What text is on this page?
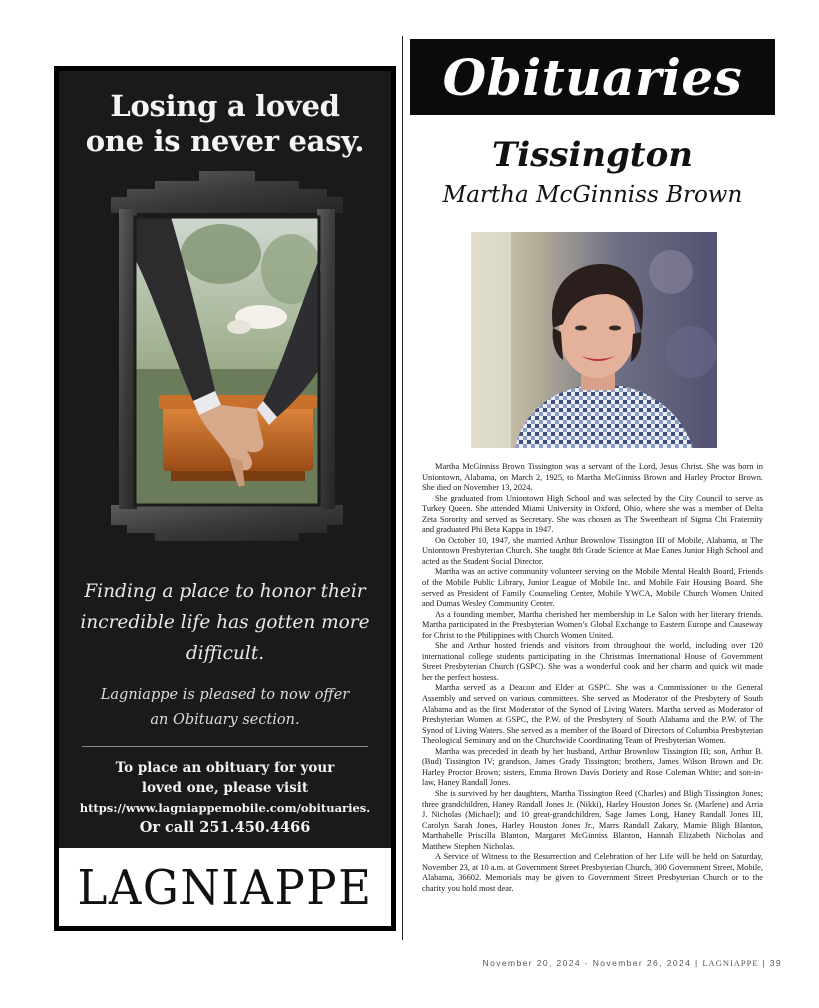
Losing a loved
one is never easy.
Finding a place to honor their
incredible life has gotten more
difficult.
Lagniappe is pleased to now offer
an Obituary section.
To place an obituary for your
loved one, please visit
https://www.lagniappemobile.com/obituaries.
Or call 251.450.4466
LAGNIAPPE
Obituaries
Tissington
Martha McGinniss Brown

Martha McGinniss Brown Tissington was a servant of the Lord, Jesus Christ. She was born in Uniontown, Alabama, on March 2, 1925, to Martha McGinniss Brown and Harley Proctor Brown. She died on November 13, 2024.

She graduated from Uniontown High School and was selected by the City Council to serve as Turkey Queen. She attended Miami University in Oxford, Ohio, where she was a member of Delta Zeta Sorority and served as Secretary. She was chosen as The Sweetheart of Sigma Chi Fraternity and graduated Phi Beta Kappa in 1947.

On October 10, 1947, she married Arthur Brownlow Tissington III of Mobile, Alabama, at The Uniontown Presbyterian Church. She taught 8th Grade Science at Mae Eanes Junior High School and acted as the Student Social Director.

Martha was an active community volunteer serving on the Mobile Mental Health Board, Friends of the Mobile Public Library, Junior League of Mobile Inc. and Mobile Fair Housing Board. She served as President of Family Counseling Center, Mobile YWCA, Mobile Church Women United and Dumas Wesley Community Center.

As a founding member, Martha cherished her membership in Le Salon with her literary friends. Martha participated in the Presbyterian Women’s Global Exchange to Eastern Europe and Causeway for Christ to the Philippines with Church Women United.

She and Arthur hosted friends and visitors from throughout the world, including over 120 international college students participating in the Christmas International House of Government Street Presbyterian Church (GSPC). She was a wonderful cook and her charm and quick wit made her the perfect hostess.

Martha served as a Deacon and Elder at GSPC. She was a Commissioner to the General Assembly and served on various committees. She served as Moderator of the Presbytery of South Alabama and as the first Moderator of the Synod of Living Waters. Martha served as Moderator of Presbyterian Women at GSPC, the P.W. of the Presbytery of South Alabama and the P.W. of The Synod of Living Waters. She served as a member of the Board of Directors of Columbia Presbyterian Theological Seminary and on the Churchwide Coordinating Team of Presbyterian Women.

Martha was preceded in death by her husband, Arthur Brownlow Tissington III; son, Arthur B. (Bud) Tissington IV; grandson, James Grady Tissington; brothers, James Wilson Brown and Dr. Harley Proctor Brown; sisters, Emma Brown Davis Doriety and Rose Coleman White; and son-in-law, Haney Randall Jones.

She is survived by her daughters, Martha Tissington Reed (Charles) and Bligh Tissington Jones; three grandchildren, Haney Randall Jones Jr. (Nikki), Harley Houston Jones Sr. (Marlene) and Arria J. Nicholas (Michael); and 10 great-grandchildren, Sage James Long, Haney Randall Jones III, Carolyn Sarah Jones, Harley Houston Jones Jr., Marrs Randall Zakary, Mamie Bligh Blanton, Marthabelle Priscilla Blanton, Margaret McGinniss Blanton, Hannah Elizabeth Nicholas and Matthew Stephen Nicholas.

A Service of Witness to the Resurrection and Celebration of her Life will be held on Saturday, November 23, at 10 a.m. at Government Street Presbyterian Church, 300 Government Street, Mobile, Alabama, 36602. Memorials may be given to Government Street Presbyterian Church or to the charity you hold most dear.

November 20, 2024 - November 26, 2024 | LAGNIAPPE | 39
